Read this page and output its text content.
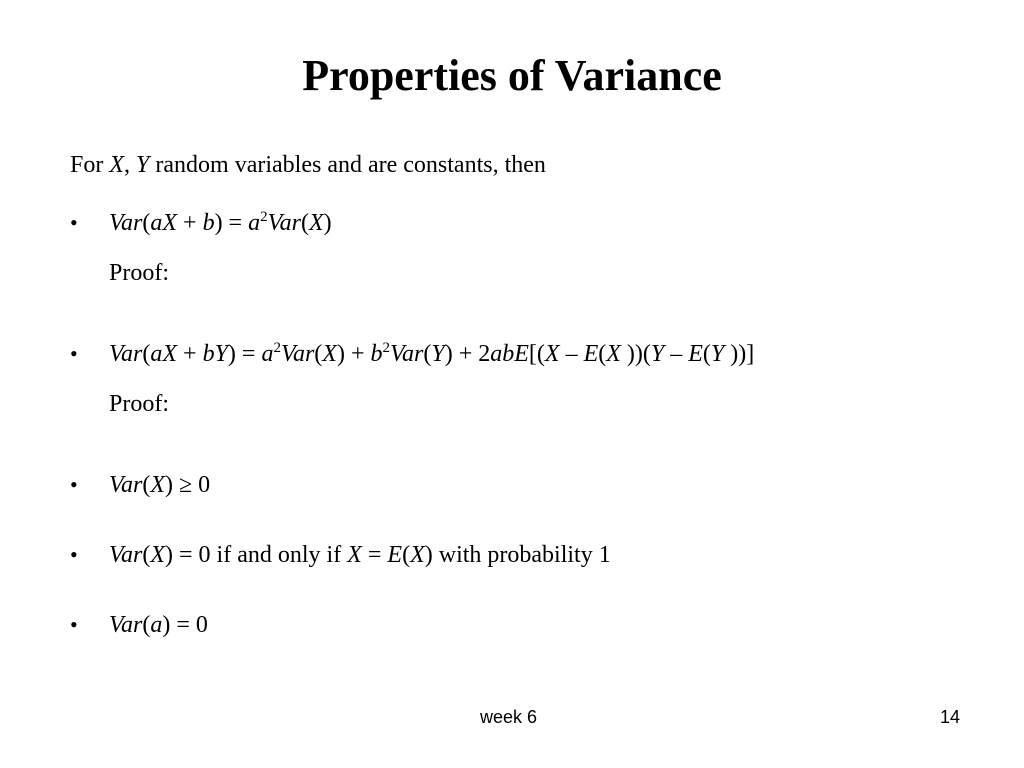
Properties of Variance
For X, Y random variables and are constants, then
• $Var(aX + b) = a^2Var(X)$
Proof:
• $Var(aX + bY) = a^2Var(X) + b^2Var(Y) + 2abE[(X - E(X$ ))(Y – E(Y ))]
Proof:
• Var(X) ≥ 0
• Var(X) = 0 if and only if X = E(X) with probability 1
• Var(a) = 0
week 6	14
